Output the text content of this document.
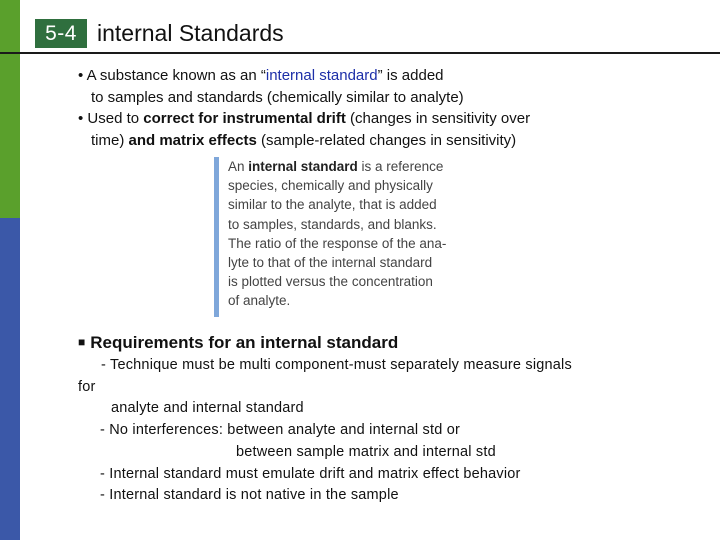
5-4 internal Standards

• A substance known as an “internal standard” is added

to samples and standards (chemically similar to analyte)

• Used to correct for instrumental drift (changes in sensitivity over

time) and matrix effects (sample-related changes in sensitivity)

An internal standard is a reference
species, chemically and physically
similar to the analyte, that is added
to samples, standards, and blanks.
The ratio of the response of the ana-
lyte to that of the internal standard
is plotted versus the concentration
of analyte.
■ Requirements for an internal standard
- Technique must be multi component-must separately measure signals
for
analyte and internal standard
- No interferences: between analyte and internal std or
between sample matrix and internal std
- Internal standard must emulate drift and matrix effect behavior
- Internal standard is not native in the sample
